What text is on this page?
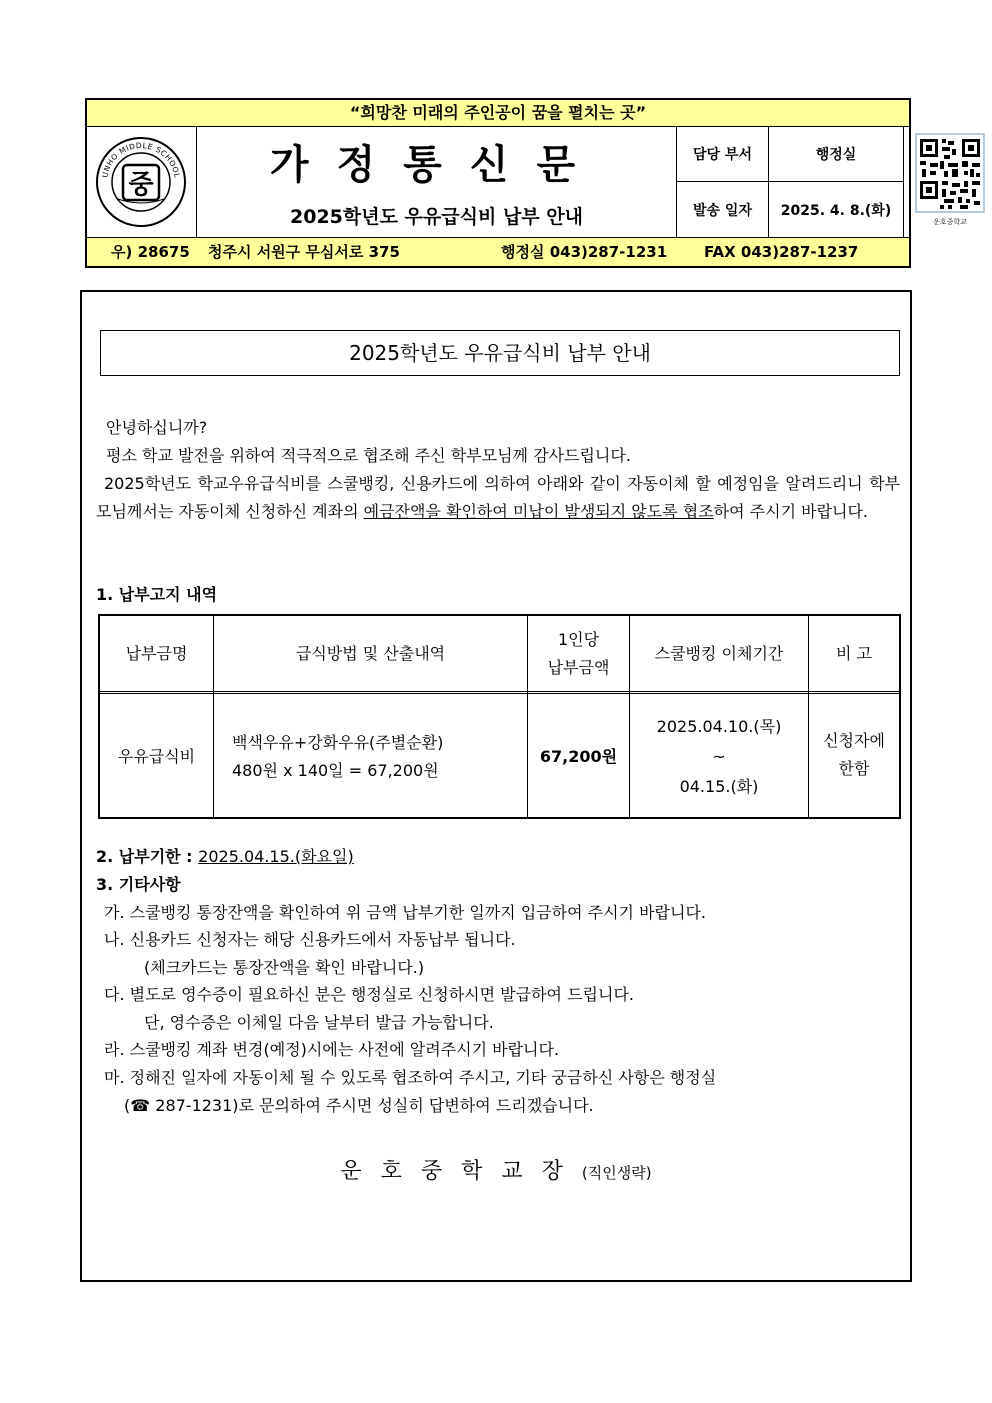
“희망찬 미래의 주인공이 꿈을 펼치는 곳”
UNHO MIDDLE SCHOOL
중	가정통신문
2025학년도 우유급식비 납부 안내
담당 부서
발송 일자
행정실
2025. 4. 8.(화)
운호중학교
우) 28675 청주시 서원구 무심서로 375	행정실 043)287-1231 FAX 043)287-1237
2025학년도 우유급식비 납부 안내
안녕하십니까?
평소 학교 발전을 위하여 적극적으로 협조해 주신 학부모님께 감사드립니다.
2025학년도 학교우유급식비를 스쿨뱅킹, 신용카드에 의하여 아래와 같이 자동이체 할 예정임을 알려드리니 학부모님께서는 자동이체 신청하신 계좌의 예금잔액을 확인하여 미납이 발생되지 않도록 협조하여 주시기 바랍니다.
1. 납부고지 내역
납부금명
우유급식비
급식방법 및 산출내역
백색우유+강화우유(주별순환)
480원 x 140일 = 67,200원
1인당
납부금액
67,200원
스쿨뱅킹 이체기간
2025.04.10.(목)
~
04.15.(화)
비 고
신청자에
한함
2. 납부기한 : 2025.04.15.(화요일)
3. 기타사항
가. 스쿨뱅킹 통장잔액을 확인하여 위 금액 납부기한 일까지 입금하여 주시기 바랍니다.
나. 신용카드 신청자는 해당 신용카드에서 자동납부 됩니다.
(체크카드는 통장잔액을 확인 바랍니다.)
다. 별도로 영수증이 필요하신 분은 행정실로 신청하시면 발급하여 드립니다.
단, 영수증은 이체일 다음 날부터 발급 가능합니다.
라. 스쿨뱅킹 계좌 변경(예정)시에는 사전에 알려주시기 바랍니다.
마. 정해진 일자에 자동이체 될 수 있도록 협조하여 주시고, 기타 궁금하신 사항은 행정실
(☎ 287-1231)로 문의하여 주시면 성실히 답변하여 드리겠습니다.
운호중학교장(직인생략)
